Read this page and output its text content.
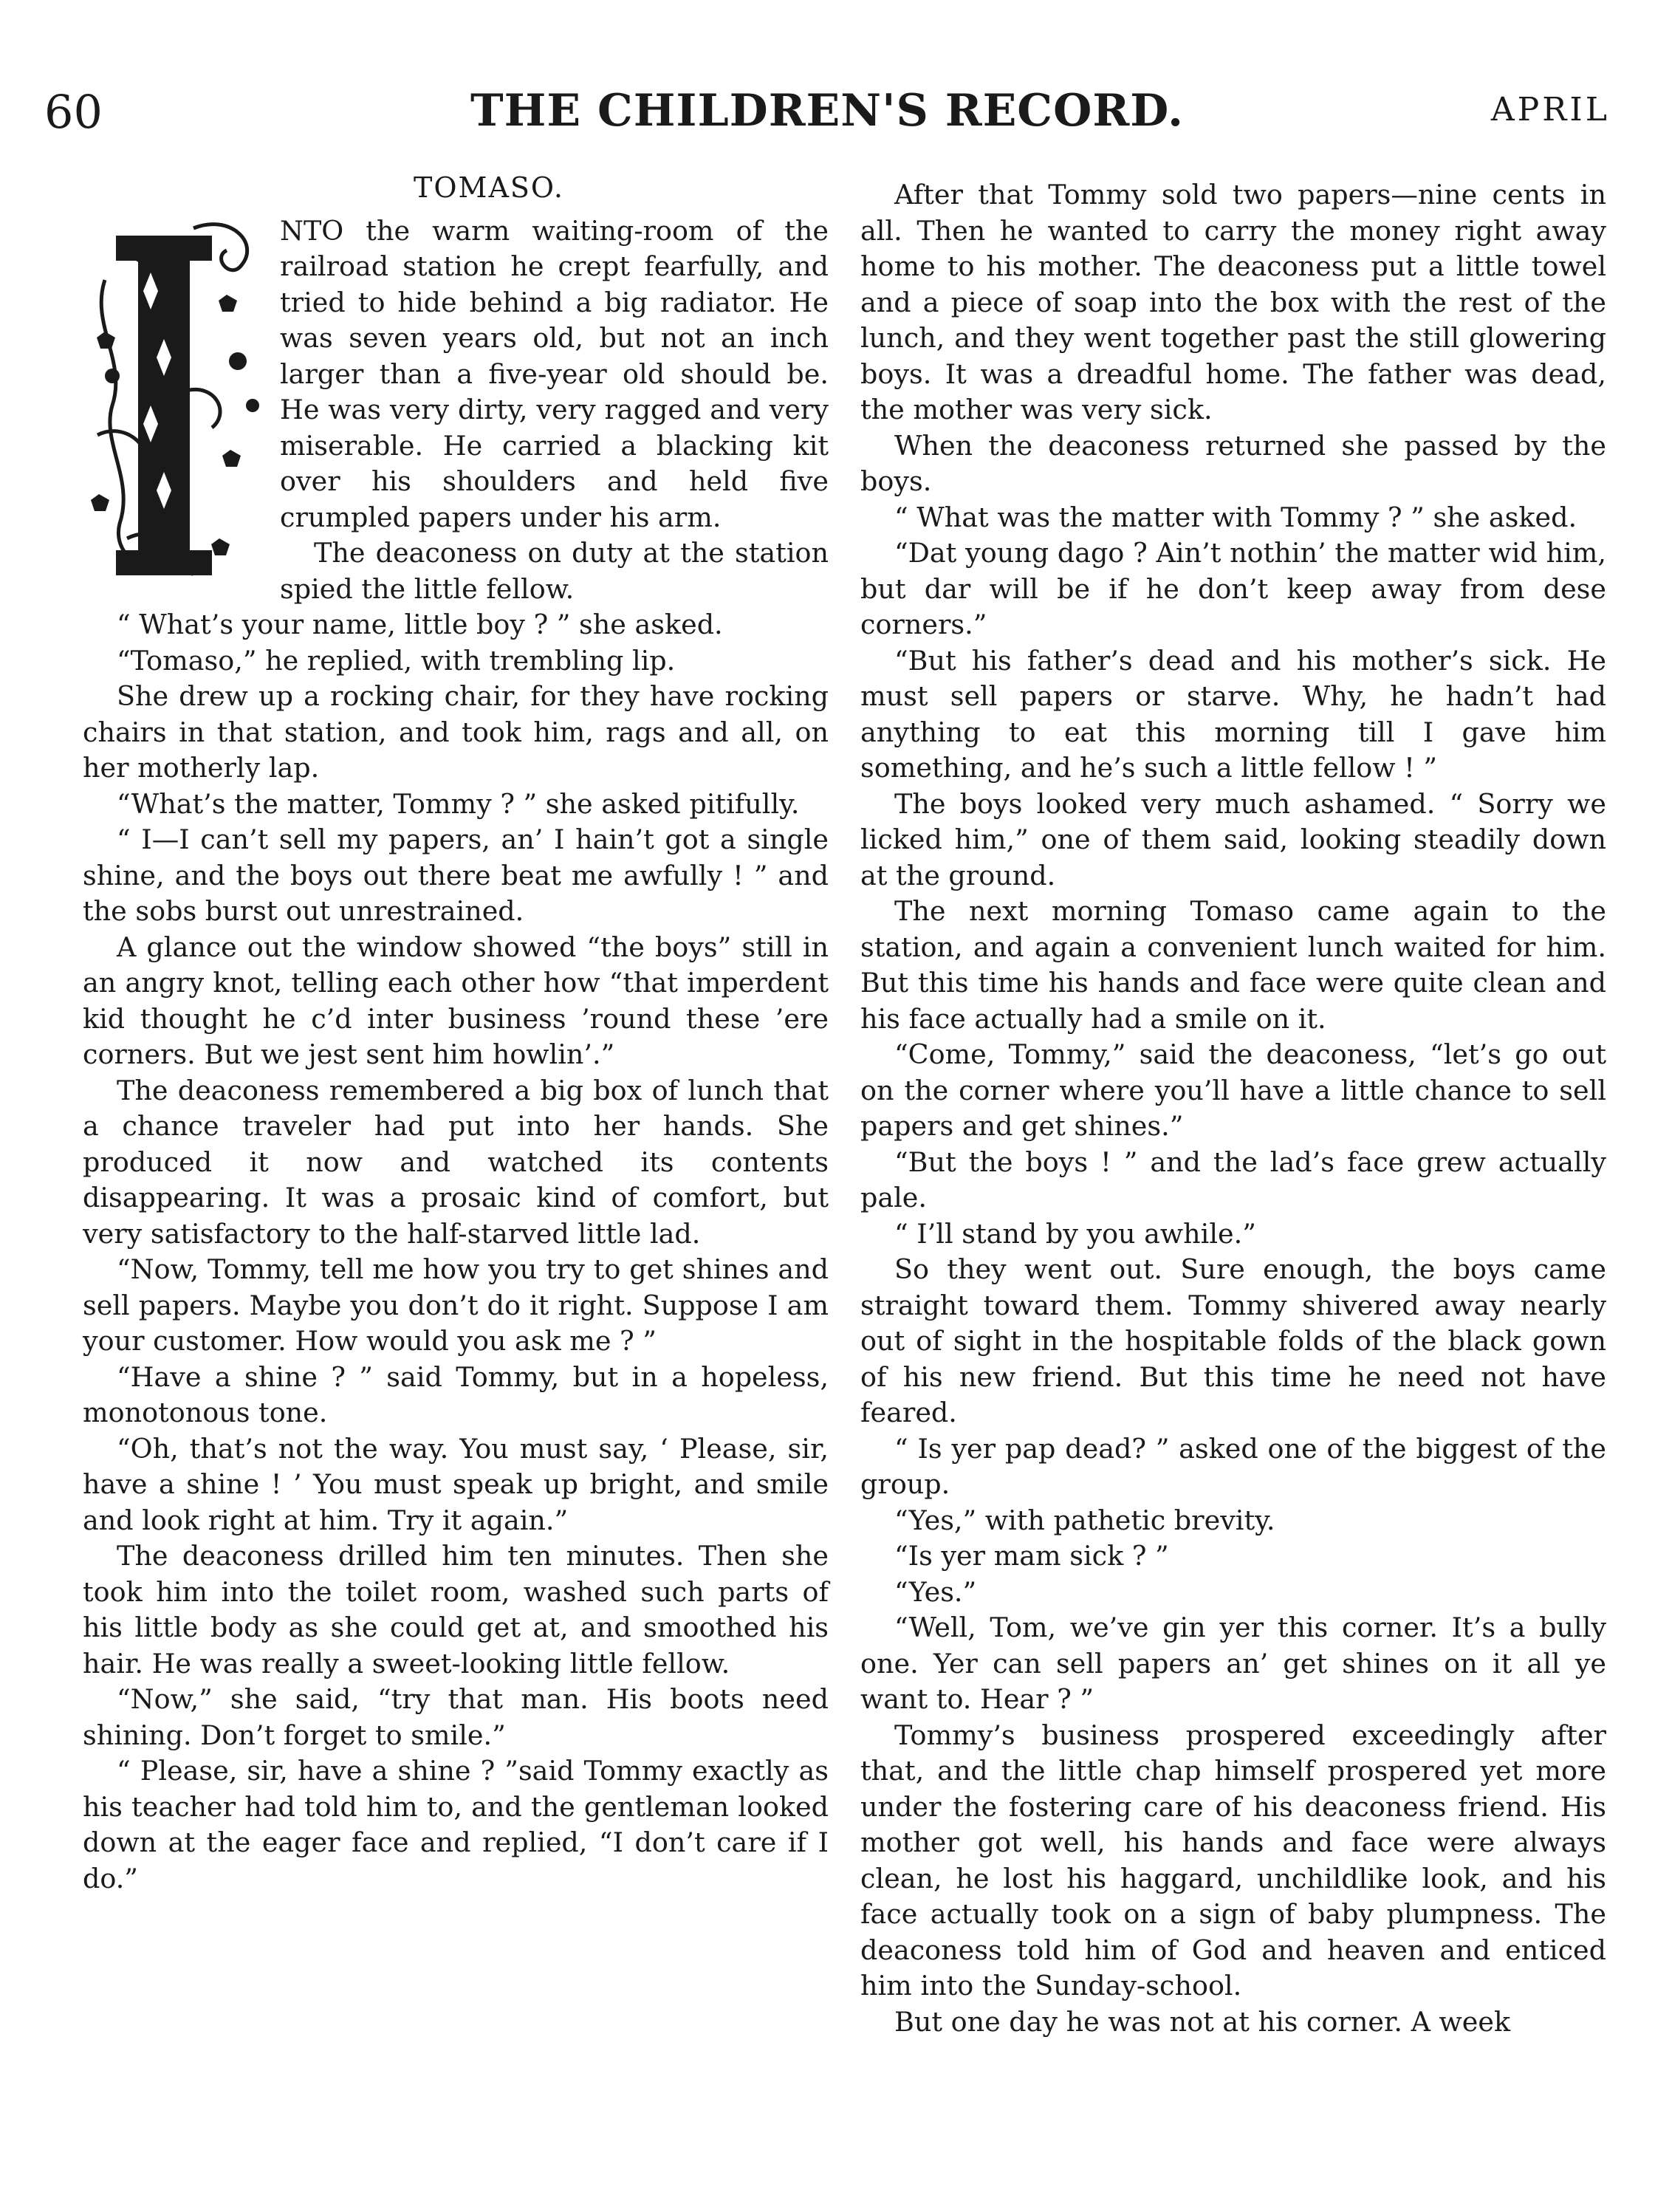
60	THE CHILDREN'S RECORD.	APRIL
TOMASO.

NTO the warm waiting-room of the railroad station he crept fearfully, and tried to hide behind a big radiator. He was seven years old, but not an inch larger than a five-year old should be. He was very dirty, very ragged and very miserable. He carried a blacking kit over his shoulders and held five crumpled papers under his arm.

The deaconess on duty at the station spied the little fellow.

“ What’s your name, little boy ? ” she asked.

“Tomaso,” he replied, with trembling lip.

She drew up a rocking chair, for they have rocking chairs in that station, and took him, rags and all, on her motherly lap.

“What’s the matter, Tommy ? ” she asked pitifully.

“ I—I can’t sell my papers, an’ I hain’t got a single shine, and the boys out there beat me awfully ! ” and the sobs burst out unrestrained.

A glance out the window showed “the boys” still in an angry knot, telling each other how “that imperdent kid thought he c’d inter business ’round these ’ere corners. But we jest sent him howlin’.”

The deaconess remembered a big box of lunch that a chance traveler had put into her hands. She produced it now and watched its contents disappearing. It was a prosaic kind of comfort, but very satisfactory to the half-starved little lad.

“Now, Tommy, tell me how you try to get shines and sell papers. Maybe you don’t do it right. Suppose I am your customer. How would you ask me ? ”

“Have a shine ? ” said Tommy, but in a hopeless, monotonous tone.

“Oh, that’s not the way. You must say, ‘ Please, sir, have a shine ! ’ You must speak up bright, and smile and look right at him. Try it again.”

The deaconess drilled him ten minutes. Then she took him into the toilet room, washed such parts of his little body as she could get at, and smoothed his hair. He was really a sweet-looking little fellow.

“Now,” she said, “try that man. His boots need shining. Don’t forget to smile.”

“ Please, sir, have a shine ? ”said Tommy exactly as his teacher had told him to, and the gentleman looked down at the eager face and replied, “I don’t care if I do.”

After that Tommy sold two papers—nine cents in all. Then he wanted to carry the money right away home to his mother. The deaconess put a little towel and a piece of soap into the box with the rest of the lunch, and they went together past the still glowering boys. It was a dreadful home. The father was dead, the mother was very sick.

When the deaconess returned she passed by the boys.

“ What was the matter with Tommy ? ” she asked.

“Dat young dago ? Ain’t nothin’ the matter wid him, but dar will be if he don’t keep away from dese corners.”

“But his father’s dead and his mother’s sick. He must sell papers or starve. Why, he hadn’t had anything to eat this morning till I gave him something, and he’s such a little fellow ! ”

The boys looked very much ashamed. “ Sorry we licked him,” one of them said, looking steadily down at the ground.

The next morning Tomaso came again to the station, and again a convenient lunch waited for him. But this time his hands and face were quite clean and his face actually had a smile on it.

“Come, Tommy,” said the deaconess, “let’s go out on the corner where you’ll have a little chance to sell papers and get shines.”

“But the boys ! ” and the lad’s face grew actually pale.

“ I’ll stand by you awhile.”

So they went out. Sure enough, the boys came straight toward them. Tommy shivered away nearly out of sight in the hospitable folds of the black gown of his new friend. But this time he need not have feared.

“ Is yer pap dead? ” asked one of the biggest of the group.

“Yes,” with pathetic brevity.

“Is yer mam sick ? ”

“Yes.”

“Well, Tom, we’ve gin yer this corner. It’s a bully one. Yer can sell papers an’ get shines on it all ye want to. Hear ? ”

Tommy’s business prospered exceedingly after that, and the little chap himself prospered yet more under the fostering care of his deaconess friend. His mother got well, his hands and face were always clean, he lost his haggard, unchildlike look, and his face actually took on a sign of baby plumpness. The deaconess told him of God and heaven and enticed him into the Sunday-school.

But one day he was not at his corner. A week
